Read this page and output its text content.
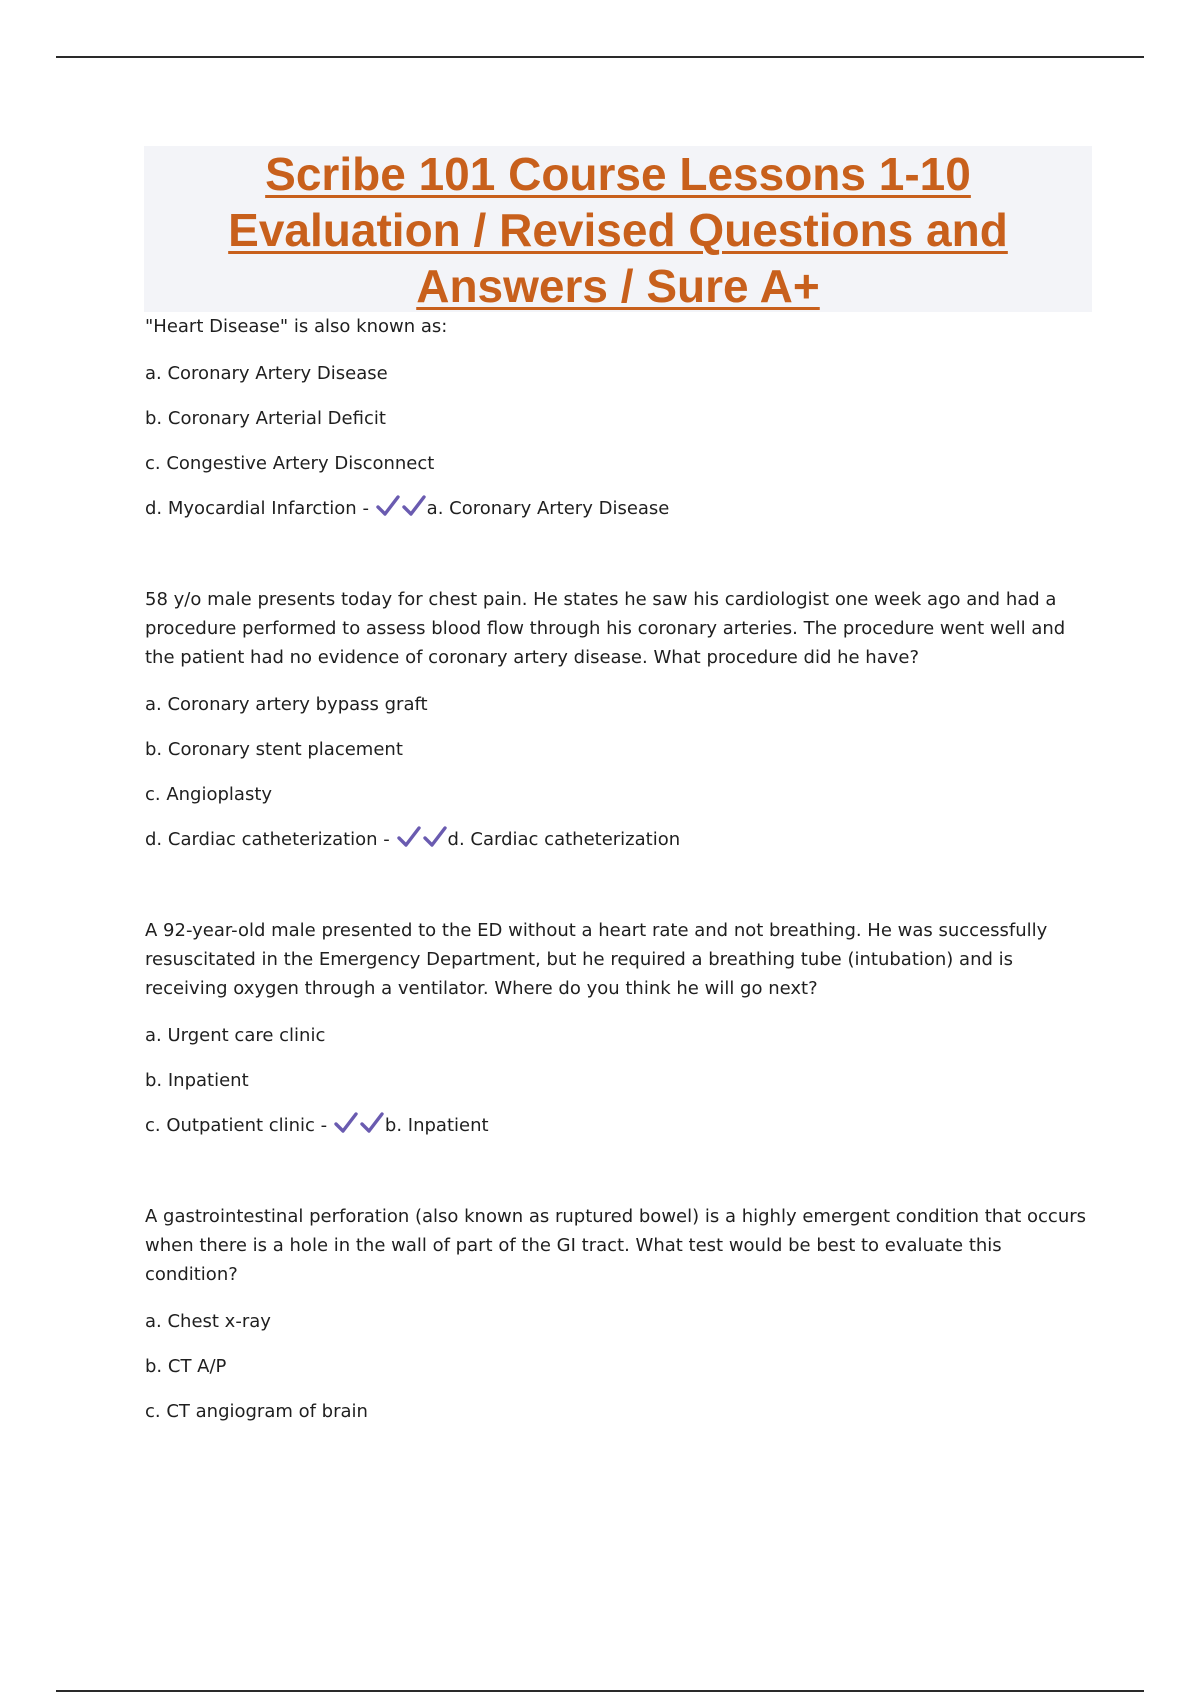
Scribe 101 Course Lessons 1-10
Evaluation / Revised Questions and
Answers / Sure A+

"Heart Disease" is also known as:

a. Coronary Artery Disease

b. Coronary Arterial Deficit

c. Congestive Artery Disconnect

d. Myocardial Infarction -	a. Coronary Artery Disease

58 y/o male presents today for chest pain. He states he saw his cardiologist one week ago and had a procedure performed to assess blood flow through his coronary arteries. The procedure went well and the patient had no evidence of coronary artery disease. What procedure did he have?

a. Coronary artery bypass graft

b. Coronary stent placement

c. Angioplasty

d. Cardiac catheterization -	d. Cardiac catheterization

A 92-year-old male presented to the ED without a heart rate and not breathing. He was successfully resuscitated in the Emergency Department, but he required a breathing tube (intubation) and is receiving oxygen through a ventilator. Where do you think he will go next?

a. Urgent care clinic

b. Inpatient

c. Outpatient clinic -	b. Inpatient

A gastrointestinal perforation (also known as ruptured bowel) is a highly emergent condition that occurs when there is a hole in the wall of part of the GI tract. What test would be best to evaluate this condition?

a. Chest x-ray

b. CT A/P

c. CT angiogram of brain
